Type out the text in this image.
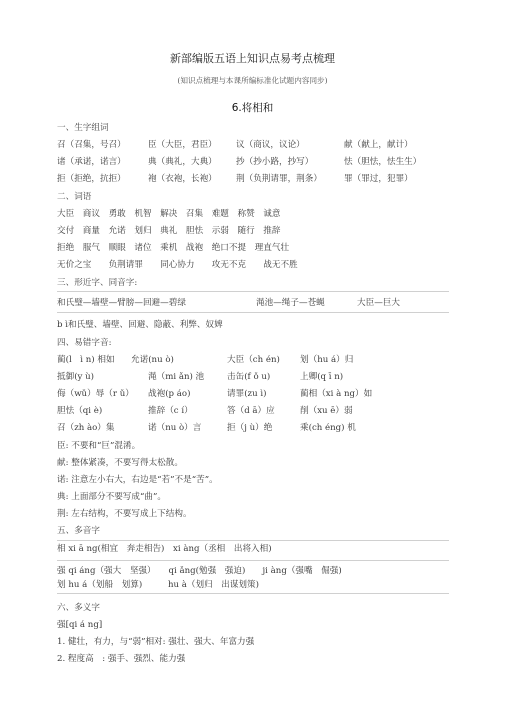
新部编版五语上知识点易考点梳理
(知识点梳理与本课所编标准化试题内容同步)
6.将相和
一、生字组词
召（召集，号召）	臣（大臣，君臣） 议（商议，议论）	献（献上，献计）
诸（承诺，诺言）	典（典礼，大典） 抄（抄小路，抄写）	怯（胆怯，怯生生）
拒（拒绝，抗拒）	袍（衣袍，长袍） 荆（负荆请罪，荆条）	罪（罪过，犯罪）
二、词语
大臣　商议　勇敢　机智　解决　召集　难题　称赞　诚意
交付　商量　允诺　划归　典礼　胆怯　示弱　随行　推辞
拒绝　服气　顺眼　诸位　乘机　战袍　绝口不提　理直气壮
无价之宝　　负荆请罪　　同心协力　　攻无不克　　战无不胜
三、形近字、同音字:
和氏璧—墙壁—臂膀—回避—碧绿	渑池—绳子—苍蝇	大臣—巨大
b ì和氏璧、墙壁、回避、隐蔽、利弊、奴婢
四、易错字音:
蔺(l　ì n) 相如 允诺(nu ò)	大臣（ch én) 划（hu á）归
抵御(y ù)	渑（mi ǎn) 池	击缶(f ǒ u)	上卿(q ī n)
侮（wǔ）辱（r ǔ） 战袍(p áo)	请罪(zu ì)	蔺相（xi à ng）如
胆怯（qi è)	推辞（c í）	答（d ā）应	削（xu ē）弱
召（zh ào）集	诺（nu ò）言	拒（j ù）绝	乘(ch éng) 机
臣: 不要和“巨”混淆。
献: 整体紧凑，不要写得太松散。
诺: 注意左小右大，右边是“若”不是“苦”。
典: 上面部分不要写成“曲”。
荆: 左右结构，不要写成上下结构。
五、多音字
相 xi ā ng(相宜　奔走相告)　xi àng（丞相　出将入相)
强 qi áng（强大　坚强）　　qi ǎng(勉强　强迫)　　ji àng（强嘴　倔强)
划 hu á（划船　划算)　　　hu à（划归　出谋划策)
六、多义字
强[qi á ng]
1. 健壮，有力，与“弱”相对: 强壮、强大、年富力强
2. 程度高　: 强手、强烈、能力强
